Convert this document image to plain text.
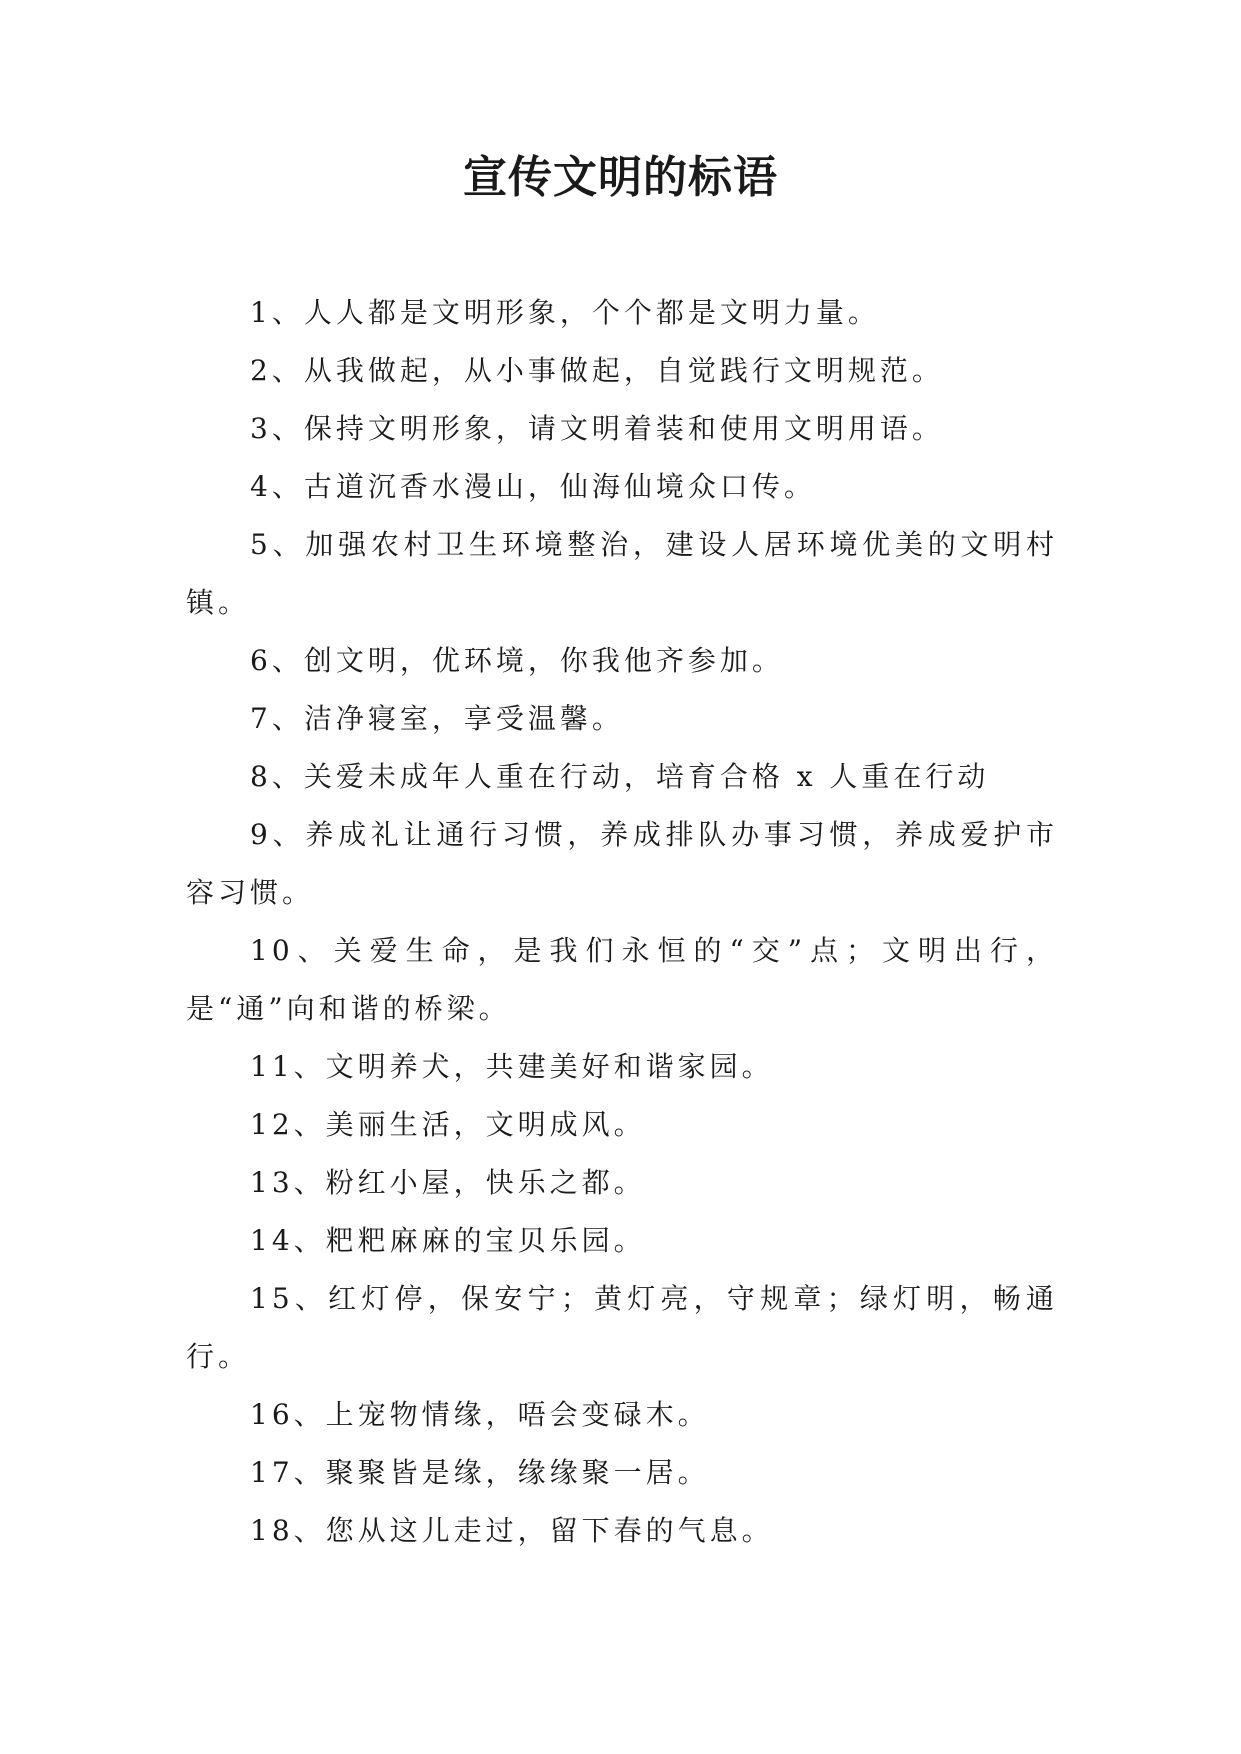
宣传文明的标语
1、人人都是文明形象，个个都是文明力量。
2、从我做起，从小事做起，自觉践行文明规范。
3、保持文明形象，请文明着装和使用文明用语。
4、古道沉香水漫山，仙海仙境众口传。
5、加强农村卫生环境整治，建设人居环境优美的文明村镇。
6、创文明，优环境，你我他齐参加。
7、洁净寝室，享受温馨。
8、关爱未成年人重在行动，培育合格 x 人重在行动
9、养成礼让通行习惯，养成排队办事习惯，养成爱护市容习惯。
10、关爱生命，是我们永恒的“交”点；文明出行，是“通”向和谐的桥梁。
11、文明养犬，共建美好和谐家园。
12、美丽生活，文明成风。
13、粉红小屋，快乐之都。
14、粑粑麻麻的宝贝乐园。
15、红灯停，保安宁；黄灯亮，守规章；绿灯明，畅通行。
16、上宠物情缘，唔会变碌木。
17、聚聚皆是缘，缘缘聚一居。
18、您从这儿走过，留下春的气息。
